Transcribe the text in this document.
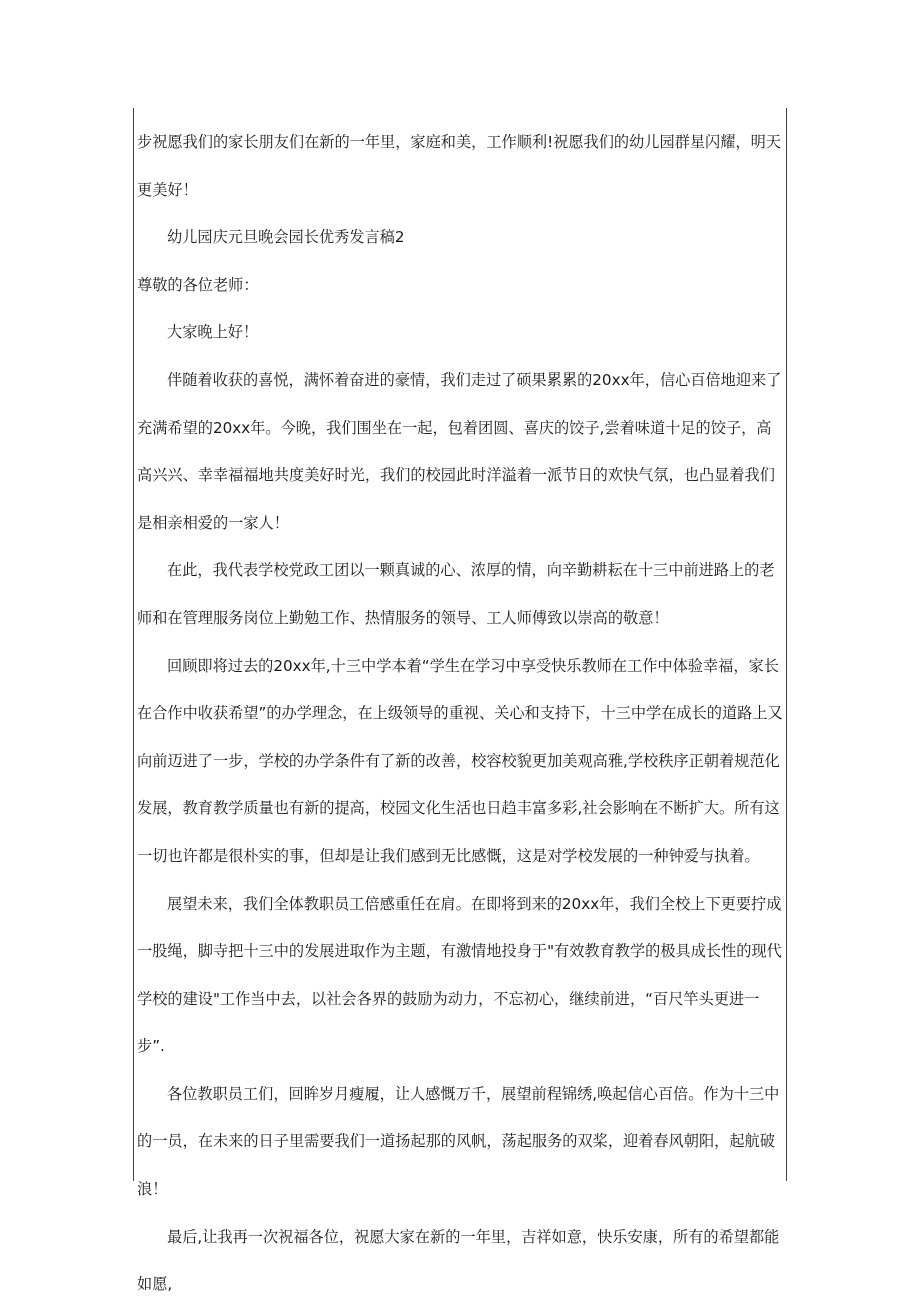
步祝愿我们的家长朋友们在新的一年里，家庭和美，工作顺利!祝愿我们的幼儿园群星闪耀，明天更美好！

幼儿园庆元旦晚会园长优秀发言稿2

尊敬的各位老师：

大家晚上好！

伴随着收获的喜悦，满怀着奋进的豪情，我们走过了硕果累累的20xx年，信心百倍地迎来了充满希望的20xx年。今晚，我们围坐在一起，包着团圆、喜庆的饺子,尝着味道十足的饺子，高高兴兴、幸幸福福地共度美好时光，我们的校园此时洋溢着一派节日的欢快气氛，也凸显着我们是相亲相爱的一家人！

在此，我代表学校党政工团以一颗真诚的心、浓厚的情，向辛勤耕耘在十三中前进路上的老师和在管理服务岗位上勤勉工作、热情服务的领导、工人师傅致以崇高的敬意！

回顾即将过去的20xx年,十三中学本着“学生在学习中享受快乐教师在工作中体验幸福，家长在合作中收获希望”的办学理念，在上级领导的重视、关心和支持下，十三中学在成长的道路上又向前迈进了一步，学校的办学条件有了新的改善，校容校貌更加美观高雅,学校秩序正朝着规范化发展，教育教学质量也有新的提高，校园文化生活也日趋丰富多彩,社会影响在不断扩大。所有这一切也许都是很朴实的事，但却是让我们感到无比感慨，这是对学校发展的一种钟爱与执着。

展望未来，我们全体教职员工倍感重任在肩。在即将到来的20xx年，我们全校上下更要拧成一股绳，脚寺把十三中的发展进取作为主题，有激情地投身于"有效教育教学的极具成长性的现代学校的建设"工作当中去，以社会各界的鼓励为动力，不忘初心，继续前进，“百尺竿头更进一步”.

各位教职员工们，回眸岁月瘦履，让人感慨万千，展望前程锦绣,唤起信心百倍。作为十三中的一员，在未来的日子里需要我们一道扬起那的风帆，荡起服务的双桨，迎着春风朝阳，起航破浪！

最后,让我再一次祝福各位，祝愿大家在新的一年里，吉祥如意，快乐安康，所有的希望都能如愿,
